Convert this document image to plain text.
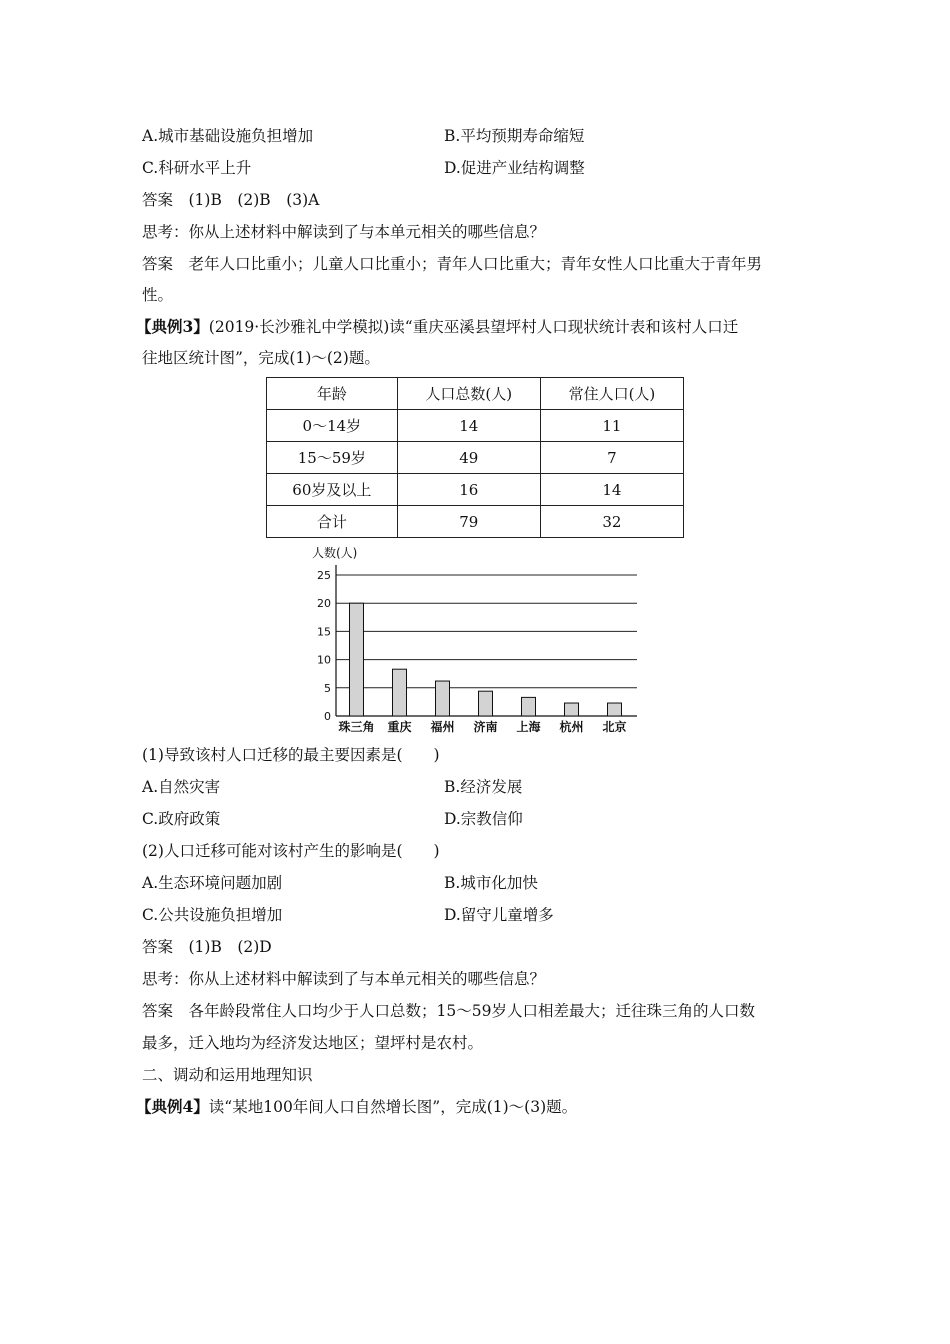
A.城市基础设施负担增加	B.平均预期寿命缩短
C.科研水平上升	D.促进产业结构调整
答案　(1)B　(2)B　(3)A
思考：你从上述材料中解读到了与本单元相关的哪些信息？
答案　老年人口比重小；儿童人口比重小；青年人口比重大；青年女性人口比重大于青年男
性。
【典例3】(2019·长沙雅礼中学模拟)读“重庆巫溪县望坪村人口现状统计表和该村人口迁
往地区统计图”，完成(1)～(2)题。
年龄	人口总数(人)	常住人口(人)
0～14岁	14	11
15～59岁	49	7
60岁及以上	16	14
合计	79	32
人数(人)
0
5
10
15
20
25
珠三角 重庆 福州 济南 上海 杭州 北京
(1)导致该村人口迁移的最主要因素是(　　)
A.自然灾害	B.经济发展
C.政府政策	D.宗教信仰
(2)人口迁移可能对该村产生的影响是(　　)
A.生态环境问题加剧	B.城市化加快
C.公共设施负担增加	D.留守儿童增多
答案　(1)B　(2)D
思考：你从上述材料中解读到了与本单元相关的哪些信息？
答案　各年龄段常住人口均少于人口总数；15～59岁人口相差最大；迁往珠三角的人口数
最多，迁入地均为经济发达地区；望坪村是农村。
二、调动和运用地理知识
【典例4】读“某地100年间人口自然增长图”，完成(1)～(3)题。
